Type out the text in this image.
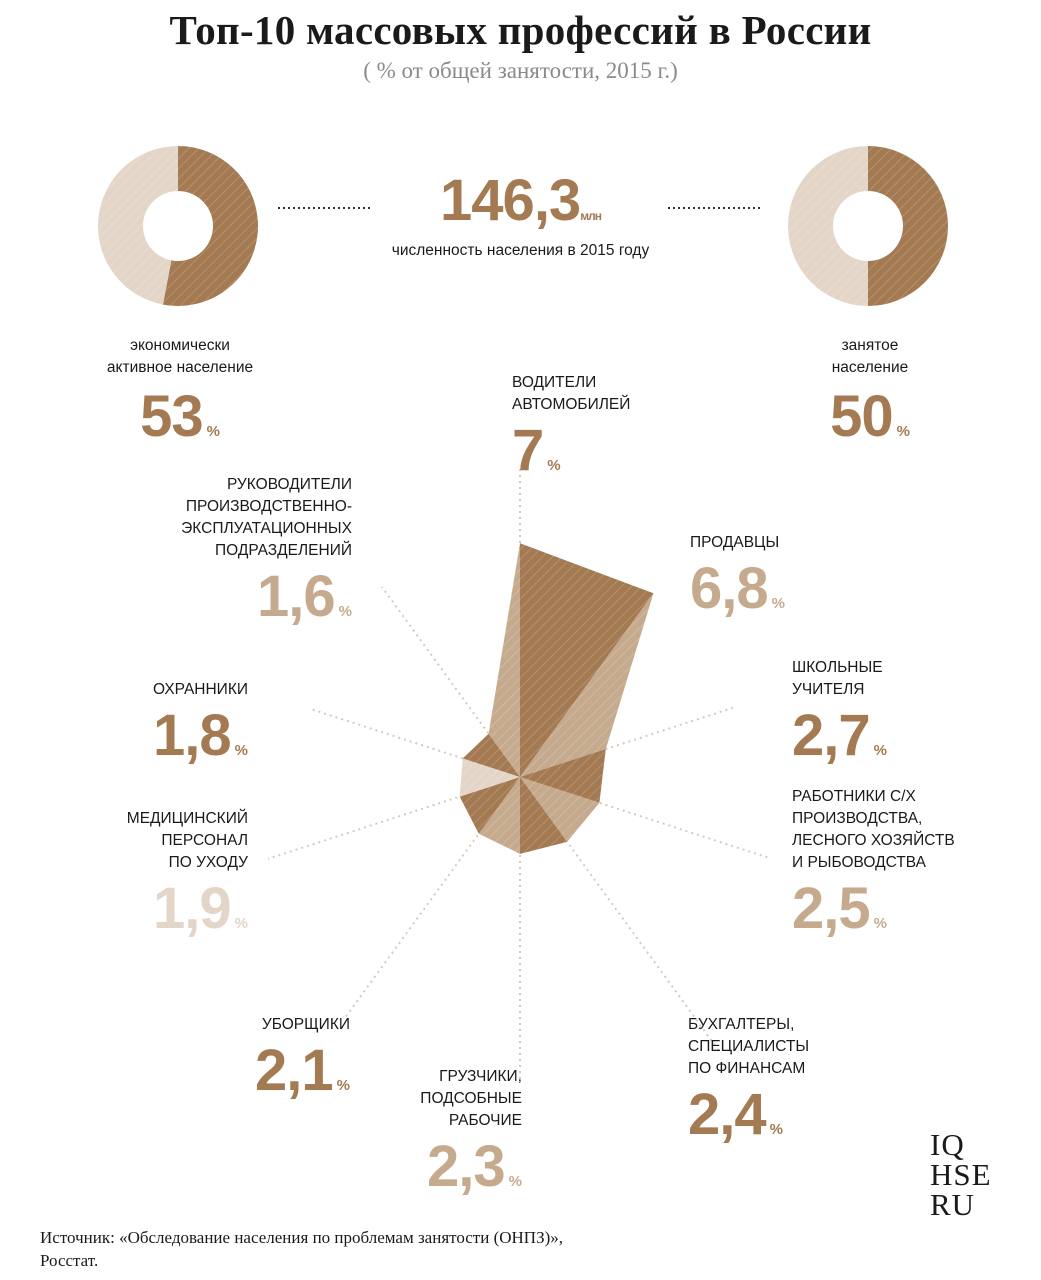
Топ-10 массовых профессий в России
( % от общей занятости, 2015 г.)
146,3млн
численность населения в 2015 году
экономически
активное население
53 %
занятое
население
50 %
ВОДИТЕЛИ
АВТОМОБИЛЕЙ
7 %
ПРОДАВЦЫ
6,8 %
ШКОЛЬНЫЕ
УЧИТЕЛЯ
2,7 %
РАБОТНИКИ С/Х
ПРОИЗВОДСТВА,
ЛЕСНОГО ХОЗЯЙСТВ
И РЫБОВОДСТВА
2,5 %
БУХГАЛТЕРЫ,
СПЕЦИАЛИСТЫ
ПО ФИНАНСАМ
2,4 %
ГРУЗЧИКИ,
ПОДСОБНЫЕ
РАБОЧИЕ
2,3 %
УБОРЩИКИ
2,1 %
МЕДИЦИНСКИЙ
ПЕРСОНАЛ
ПО УХОДУ
1,9 %
ОХРАННИКИ
1,8 %
РУКОВОДИТЕЛИ
ПРОИЗВОДСТВЕННО-
ЭКСПЛУАТАЦИОННЫХ
ПОДРАЗДЕЛЕНИЙ
1,6 %
Источник: «Обследование населения по проблемам занятости (ОНПЗ)», Росстат.
IQ
HSE
RU
